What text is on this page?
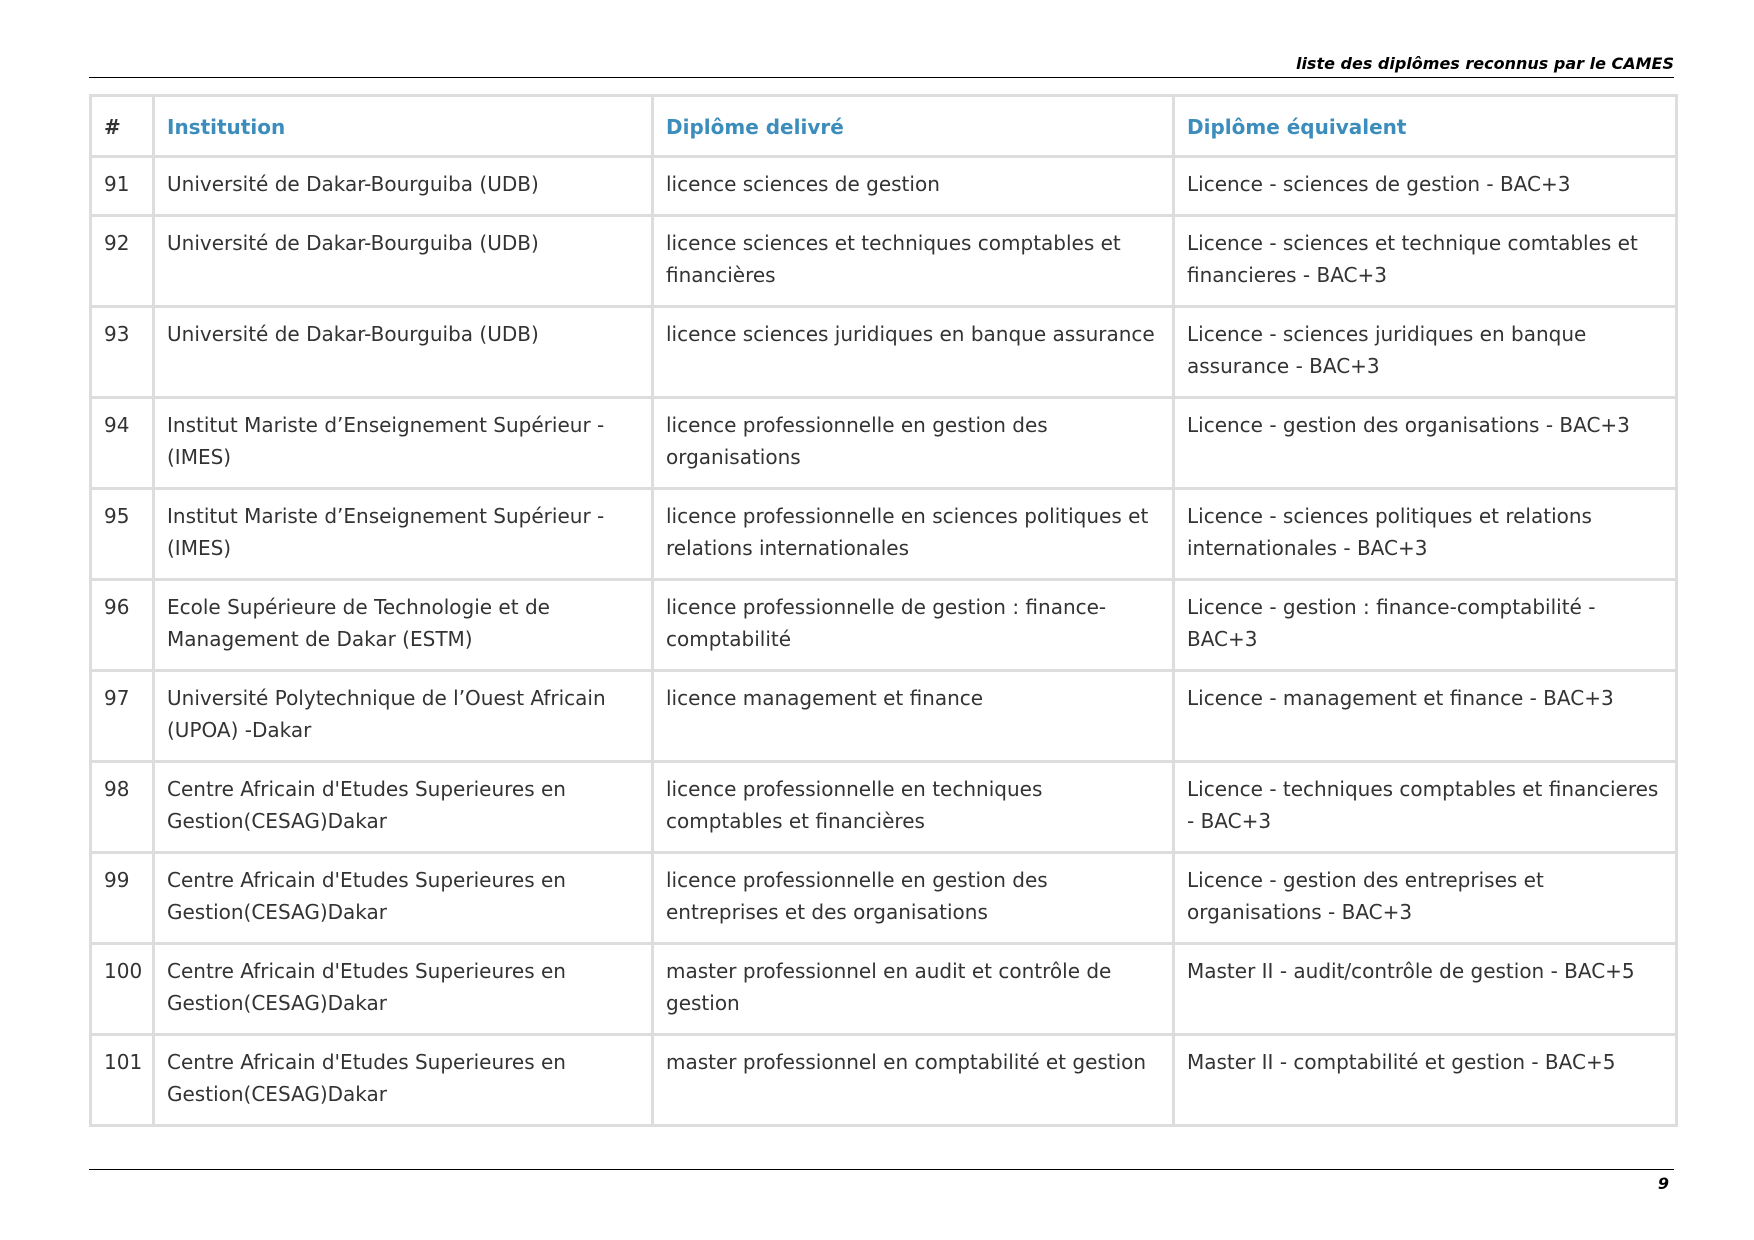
liste des diplômes reconnus par le CAMES
#	Institution	Diplôme delivré	Diplôme équivalent
91	Université de Dakar-Bourguiba (UDB)	licence sciences de gestion	Licence - sciences de gestion - BAC+3
92	Université de Dakar-Bourguiba (UDB)	licence sciences et techniques comptables et financières	Licence - sciences et technique comtables et financieres - BAC+3
93	Université de Dakar-Bourguiba (UDB)	licence sciences juridiques en banque assurance	Licence - sciences juridiques en banque assurance - BAC+3
94	Institut Mariste d’Enseignement Supérieur - (IMES)	licence professionnelle en gestion des organisations	Licence - gestion des organisations - BAC+3
95	Institut Mariste d’Enseignement Supérieur - (IMES)	licence professionnelle en sciences politiques et relations internationales	Licence - sciences politiques et relations internationales - BAC+3
96	Ecole Supérieure de Technologie et de Management de Dakar (ESTM)	licence professionnelle de gestion : finance-comptabilité	Licence - gestion : finance-comptabilité - BAC+3
97	Université Polytechnique de l’Ouest Africain (UPOA) -Dakar	licence management et finance	Licence - management et finance - BAC+3
98	Centre Africain d'Etudes Superieures en Gestion(CESAG)Dakar	licence professionnelle en techniques comptables et financières	Licence - techniques comptables et financieres - BAC+3
99	Centre Africain d'Etudes Superieures en Gestion(CESAG)Dakar	licence professionnelle en gestion des entreprises et des organisations	Licence - gestion des entreprises et organisations - BAC+3
100	Centre Africain d'Etudes Superieures en Gestion(CESAG)Dakar	master professionnel en audit et contrôle de gestion	Master II - audit/contrôle de gestion - BAC+5
101	Centre Africain d'Etudes Superieures en Gestion(CESAG)Dakar	master professionnel en comptabilité et gestion	Master II - comptabilité et gestion - BAC+5
9
